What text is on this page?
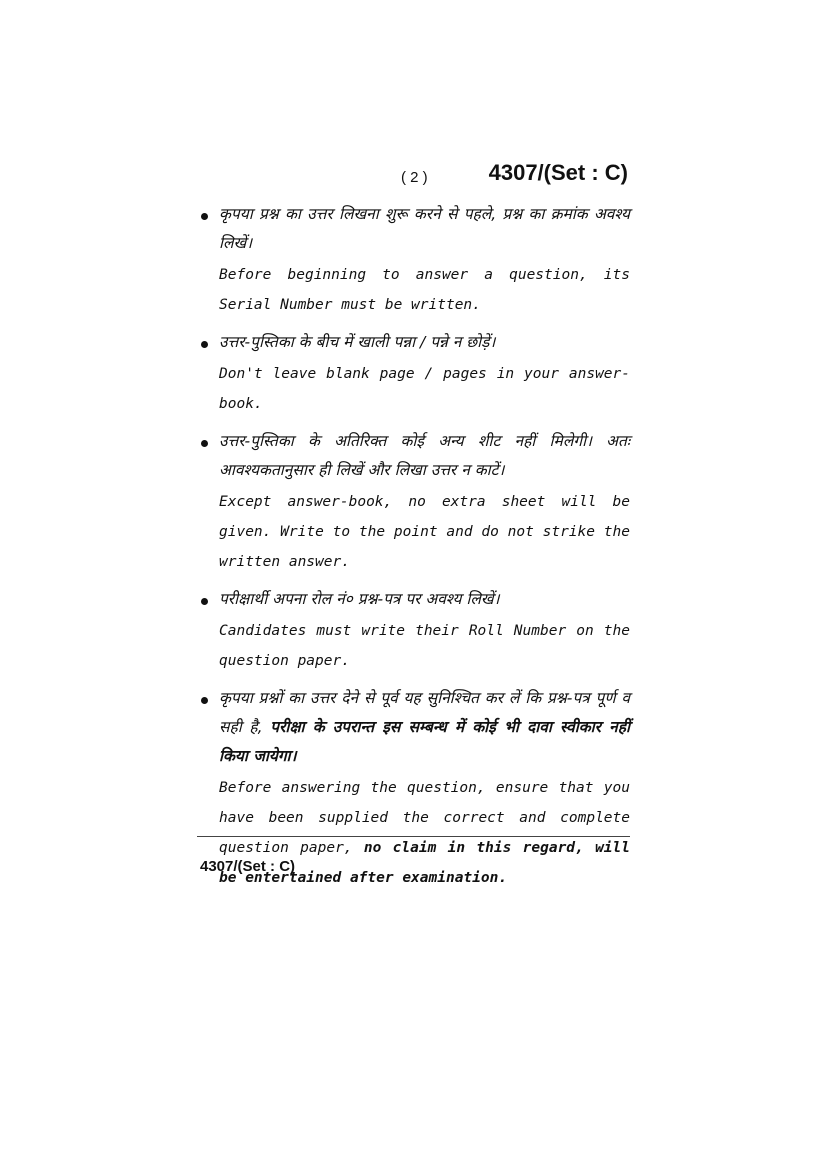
( 2 )	4307/(Set : C)

कृपया प्रश्न का उत्तर लिखना शुरू करने से पहले, प्रश्न का क्रमांक अवश्य लिखें।

Before beginning to answer a question, its Serial Number must be written.

उत्तर-पुस्तिका के बीच में खाली पन्ना / पन्ने न छोड़ें।

Don't leave blank page / pages in your answer-book.

उत्तर-पुस्तिका के अतिरिक्त कोई अन्य शीट नहीं मिलेगी। अतः आवश्यकतानुसार ही लिखें और लिखा उत्तर न काटें।

Except answer-book, no extra sheet will be given. Write to the point and do not strike the written answer.

परीक्षार्थी अपना रोल नं० प्रश्न-पत्र पर अवश्य लिखें।

Candidates must write their Roll Number on the question paper.

कृपया प्रश्नों का उत्तर देने से पूर्व यह सुनिश्चित कर लें कि प्रश्न-पत्र पूर्ण व सही है, परीक्षा के उपरान्त इस सम्बन्ध में कोई भी दावा स्वीकार नहीं किया जायेगा।

Before answering the question, ensure that you have been supplied the correct and complete question paper, no claim in this regard, will be entertained after examination.

4307/(Set : C)
